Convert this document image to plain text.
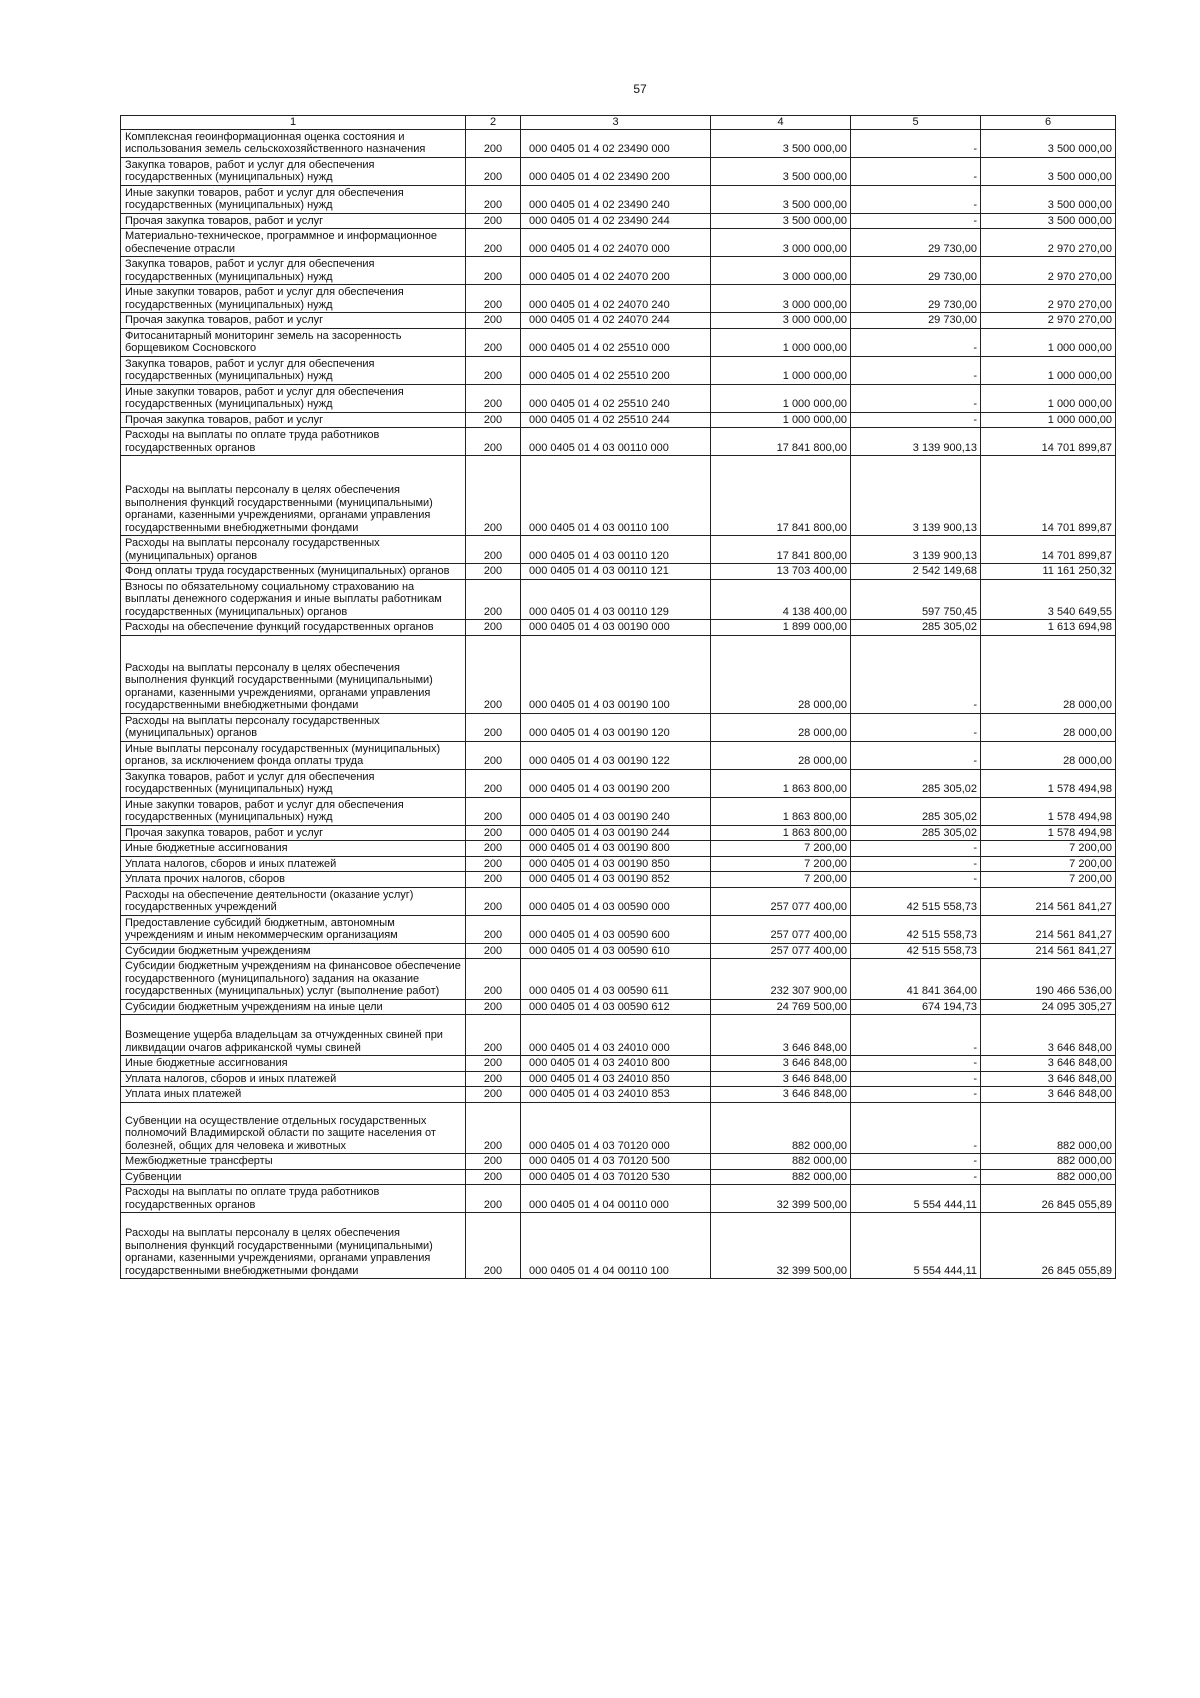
57
1	2	3	4	5	6
Комплексная геоинформационная оценка состояния и использования земель сельскохозяйственного назначения	200	000 0405 01 4 02 23490 000	3 500 000,00	-	3 500 000,00
Закупка товаров, работ и услуг для обеспечения государственных (муниципальных) нужд	200	000 0405 01 4 02 23490 200	3 500 000,00	-	3 500 000,00
Иные закупки товаров, работ и услуг для обеспечения государственных (муниципальных) нужд	200	000 0405 01 4 02 23490 240	3 500 000,00	-	3 500 000,00
Прочая закупка товаров, работ и услуг	200	000 0405 01 4 02 23490 244	3 500 000,00	-	3 500 000,00
Материально-техническое, программное и информационное обеспечение отрасли	200	000 0405 01 4 02 24070 000	3 000 000,00	29 730,00	2 970 270,00
Закупка товаров, работ и услуг для обеспечения государственных (муниципальных) нужд	200	000 0405 01 4 02 24070 200	3 000 000,00	29 730,00	2 970 270,00
Иные закупки товаров, работ и услуг для обеспечения государственных (муниципальных) нужд	200	000 0405 01 4 02 24070 240	3 000 000,00	29 730,00	2 970 270,00
Прочая закупка товаров, работ и услуг	200	000 0405 01 4 02 24070 244	3 000 000,00	29 730,00	2 970 270,00
Фитосанитарный мониторинг земель на засоренность борщевиком Сосновского	200	000 0405 01 4 02 25510 000	1 000 000,00	-	1 000 000,00
Закупка товаров, работ и услуг для обеспечения государственных (муниципальных) нужд	200	000 0405 01 4 02 25510 200	1 000 000,00	-	1 000 000,00
Иные закупки товаров, работ и услуг для обеспечения государственных (муниципальных) нужд	200	000 0405 01 4 02 25510 240	1 000 000,00	-	1 000 000,00
Прочая закупка товаров, работ и услуг	200	000 0405 01 4 02 25510 244	1 000 000,00	-	1 000 000,00
Расходы на выплаты по оплате труда работников государственных органов	200	000 0405 01 4 03 00110 000	17 841 800,00	3 139 900,13	14 701 899,87
Расходы на выплаты персоналу в целях обеспечения выполнения функций государственными (муниципальными) органами, казенными учреждениями, органами управления государственными внебюджетными фондами	200	000 0405 01 4 03 00110 100	17 841 800,00	3 139 900,13	14 701 899,87
Расходы на выплаты персоналу государственных (муниципальных) органов	200	000 0405 01 4 03 00110 120	17 841 800,00	3 139 900,13	14 701 899,87
Фонд оплаты труда государственных (муниципальных) органов	200	000 0405 01 4 03 00110 121	13 703 400,00	2 542 149,68	11 161 250,32
Взносы по обязательному социальному страхованию на выплаты денежного содержания и иные выплаты работникам государственных (муниципальных) органов	200	000 0405 01 4 03 00110 129	4 138 400,00	597 750,45	3 540 649,55
Расходы на обеспечение функций государственных органов	200	000 0405 01 4 03 00190 000	1 899 000,00	285 305,02	1 613 694,98
Расходы на выплаты персоналу в целях обеспечения выполнения функций государственными (муниципальными) органами, казенными учреждениями, органами управления государственными внебюджетными фондами	200	000 0405 01 4 03 00190 100	28 000,00	-	28 000,00
Расходы на выплаты персоналу государственных (муниципальных) органов	200	000 0405 01 4 03 00190 120	28 000,00	-	28 000,00
Иные выплаты персоналу государственных (муниципальных) органов, за исключением фонда оплаты труда	200	000 0405 01 4 03 00190 122	28 000,00	-	28 000,00
Закупка товаров, работ и услуг для обеспечения государственных (муниципальных) нужд	200	000 0405 01 4 03 00190 200	1 863 800,00	285 305,02	1 578 494,98
Иные закупки товаров, работ и услуг для обеспечения государственных (муниципальных) нужд	200	000 0405 01 4 03 00190 240	1 863 800,00	285 305,02	1 578 494,98
Прочая закупка товаров, работ и услуг	200	000 0405 01 4 03 00190 244	1 863 800,00	285 305,02	1 578 494,98
Иные бюджетные ассигнования	200	000 0405 01 4 03 00190 800	7 200,00	-	7 200,00
Уплата налогов, сборов и иных платежей	200	000 0405 01 4 03 00190 850	7 200,00	-	7 200,00
Уплата прочих налогов, сборов	200	000 0405 01 4 03 00190 852	7 200,00	-	7 200,00
Расходы на обеспечение деятельности (оказание услуг) государственных учреждений	200	000 0405 01 4 03 00590 000	257 077 400,00	42 515 558,73	214 561 841,27
Предоставление субсидий бюджетным, автономным учреждениям и иным некоммерческим организациям	200	000 0405 01 4 03 00590 600	257 077 400,00	42 515 558,73	214 561 841,27
Субсидии бюджетным учреждениям	200	000 0405 01 4 03 00590 610	257 077 400,00	42 515 558,73	214 561 841,27
Субсидии бюджетным учреждениям на финансовое обеспечение государственного (муниципального) задания на оказание государственных (муниципальных) услуг (выполнение работ)	200	000 0405 01 4 03 00590 611	232 307 900,00	41 841 364,00	190 466 536,00
Субсидии бюджетным учреждениям на иные цели	200	000 0405 01 4 03 00590 612	24 769 500,00	674 194,73	24 095 305,27
Возмещение ущерба владельцам за отчужденных свиней при ликвидации очагов африканской чумы свиней	200	000 0405 01 4 03 24010 000	3 646 848,00	-	3 646 848,00
Иные бюджетные ассигнования	200	000 0405 01 4 03 24010 800	3 646 848,00	-	3 646 848,00
Уплата налогов, сборов и иных платежей	200	000 0405 01 4 03 24010 850	3 646 848,00	-	3 646 848,00
Уплата иных платежей	200	000 0405 01 4 03 24010 853	3 646 848,00	-	3 646 848,00
Субвенции на осуществление отдельных государственных полномочий Владимирской области по защите населения от болезней, общих для человека и животных	200	000 0405 01 4 03 70120 000	882 000,00	-	882 000,00
Межбюджетные трансферты	200	000 0405 01 4 03 70120 500	882 000,00	-	882 000,00
Субвенции	200	000 0405 01 4 03 70120 530	882 000,00	-	882 000,00
Расходы на выплаты по оплате труда работников государственных органов	200	000 0405 01 4 04 00110 000	32 399 500,00	5 554 444,11	26 845 055,89
Расходы на выплаты персоналу в целях обеспечения выполнения функций государственными (муниципальными) органами, казенными учреждениями, органами управления государственными внебюджетными фондами	200	000 0405 01 4 04 00110 100	32 399 500,00	5 554 444,11	26 845 055,89
